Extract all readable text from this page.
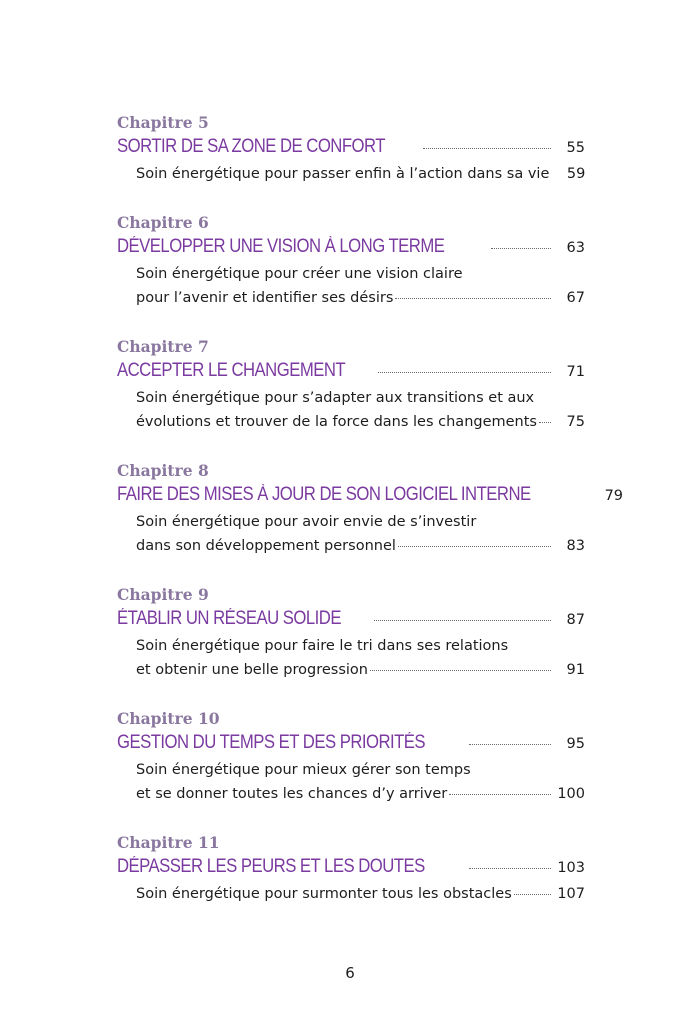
Chapitre 5
SORTIR DE SA ZONE DE CONFORT	55
Soin énergétique pour passer enfin à l’action dans sa vie	59
Chapitre 6
DÉVELOPPER UNE VISION À LONG TERME	63
Soin énergétique pour créer une vision claire
pour l’avenir et identifier ses désirs	67
Chapitre 7
ACCEPTER LE CHANGEMENT	71
Soin énergétique pour s’adapter aux transitions et aux
évolutions et trouver de la force dans les changements	75
Chapitre 8
FAIRE DES MISES À JOUR DE SON LOGICIEL INTERNE	79
Soin énergétique pour avoir envie de s’investir
dans son développement personnel	83
Chapitre 9
ÉTABLIR UN RÉSEAU SOLIDE	87
Soin énergétique pour faire le tri dans ses relations
et obtenir une belle progression	91
Chapitre 10
GESTION DU TEMPS ET DES PRIORITÉS	95
Soin énergétique pour mieux gérer son temps
et se donner toutes les chances d’y arriver	100
Chapitre 11
DÉPASSER LES PEURS ET LES DOUTES	103
Soin énergétique pour surmonter tous les obstacles	107
6
